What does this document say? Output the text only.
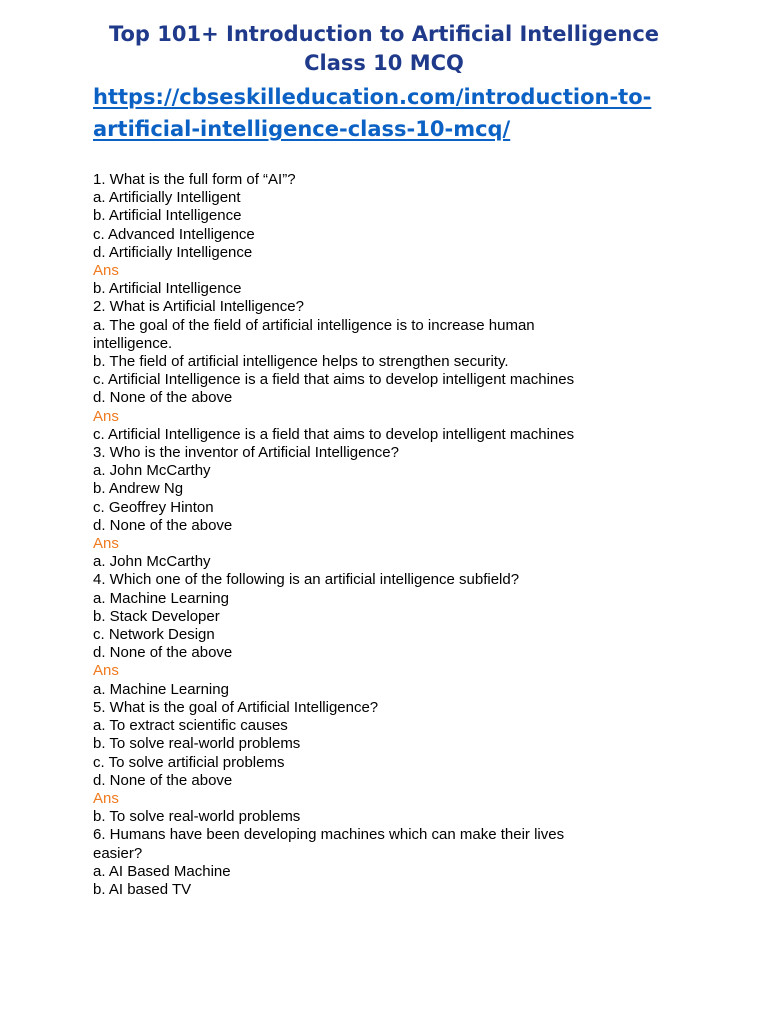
Top 101+ Introduction to Artificial Intelligence
Class 10 MCQ
https://cbseskilleducation.com/introduction-to-
artificial-intelligence-class-10-mcq/
1. What is the full form of “AI”?
a. Artificially Intelligent
b. Artificial Intelligence
c. Advanced Intelligence
d. Artificially Intelligence
Ans
b. Artificial Intelligence
2. What is Artificial Intelligence?
a. The goal of the field of artificial intelligence is to increase human
intelligence.
b. The field of artificial intelligence helps to strengthen security.
c. Artificial Intelligence is a field that aims to develop intelligent machines
d. None of the above
Ans
c. Artificial Intelligence is a field that aims to develop intelligent machines
3. Who is the inventor of Artificial Intelligence?
a. John McCarthy
b. Andrew Ng
c. Geoffrey Hinton
d. None of the above
Ans
a. John McCarthy
4. Which one of the following is an artificial intelligence subfield?
a. Machine Learning
b. Stack Developer
c. Network Design
d. None of the above
Ans
a. Machine Learning
5. What is the goal of Artificial Intelligence?
a. To extract scientific causes
b. To solve real-world problems
c. To solve artificial problems
d. None of the above
Ans
b. To solve real-world problems
6. Humans have been developing machines which can make their lives
easier?
a. AI Based Machine
b. AI based TV
